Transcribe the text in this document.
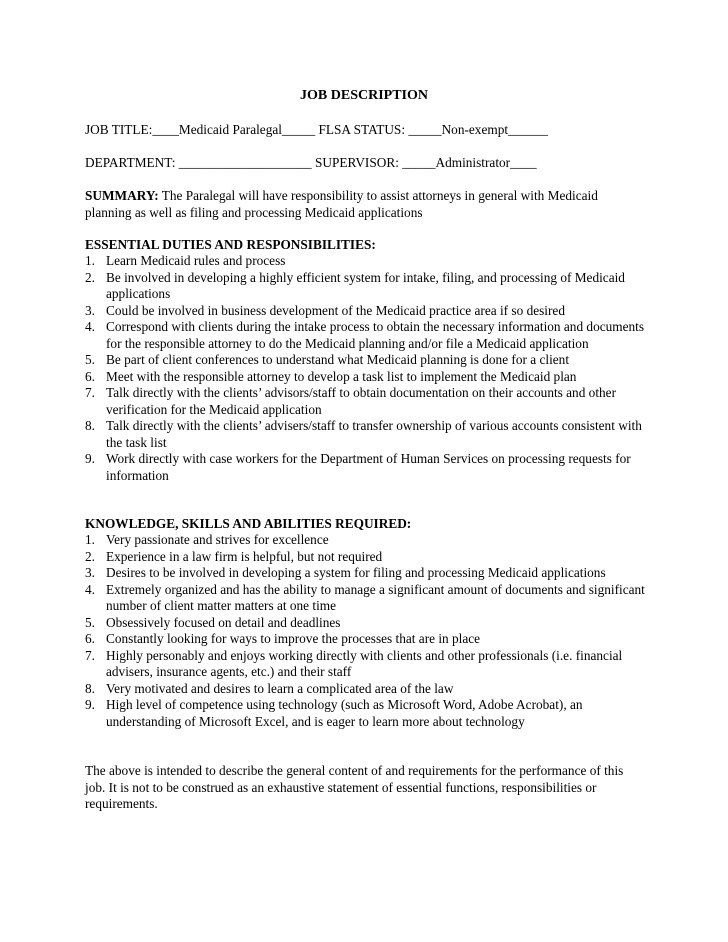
JOB DESCRIPTION
JOB TITLE:____Medicaid Paralegal_____ FLSA STATUS: _____Non-exempt______
DEPARTMENT: ____________________ SUPERVISOR: _____Administrator____
SUMMARY: The Paralegal will have responsibility to assist attorneys in general with Medicaid planning as well as filing and processing Medicaid applications
ESSENTIAL DUTIES AND RESPONSIBILITIES:
1. Learn Medicaid rules and process
2. Be involved in developing a highly efficient system for intake, filing, and processing of Medicaid applications
3. Could be involved in business development of the Medicaid practice area if so desired
4. Correspond with clients during the intake process to obtain the necessary information and documents for the responsible attorney to do the Medicaid planning and/or file a Medicaid application
5. Be part of client conferences to understand what Medicaid planning is done for a client
6. Meet with the responsible attorney to develop a task list to implement the Medicaid plan
7. Talk directly with the clients’ advisors/staff to obtain documentation on their accounts and other verification for the Medicaid application
8. Talk directly with the clients’ advisers/staff to transfer ownership of various accounts consistent with the task list
9. Work directly with case workers for the Department of Human Services on processing requests for information
KNOWLEDGE, SKILLS AND ABILITIES REQUIRED:
1. Very passionate and strives for excellence
2. Experience in a law firm is helpful, but not required
3. Desires to be involved in developing a system for filing and processing Medicaid applications
4. Extremely organized and has the ability to manage a significant amount of documents and significant number of client matter matters at one time
5. Obsessively focused on detail and deadlines
6. Constantly looking for ways to improve the processes that are in place
7. Highly personably and enjoys working directly with clients and other professionals (i.e. financial advisers, insurance agents, etc.) and their staff
8. Very motivated and desires to learn a complicated area of the law
9. High level of competence using technology (such as Microsoft Word, Adobe Acrobat), an understanding of Microsoft Excel, and is eager to learn more about technology
The above is intended to describe the general content of and requirements for the performance of this job. It is not to be construed as an exhaustive statement of essential functions, responsibilities or requirements.
